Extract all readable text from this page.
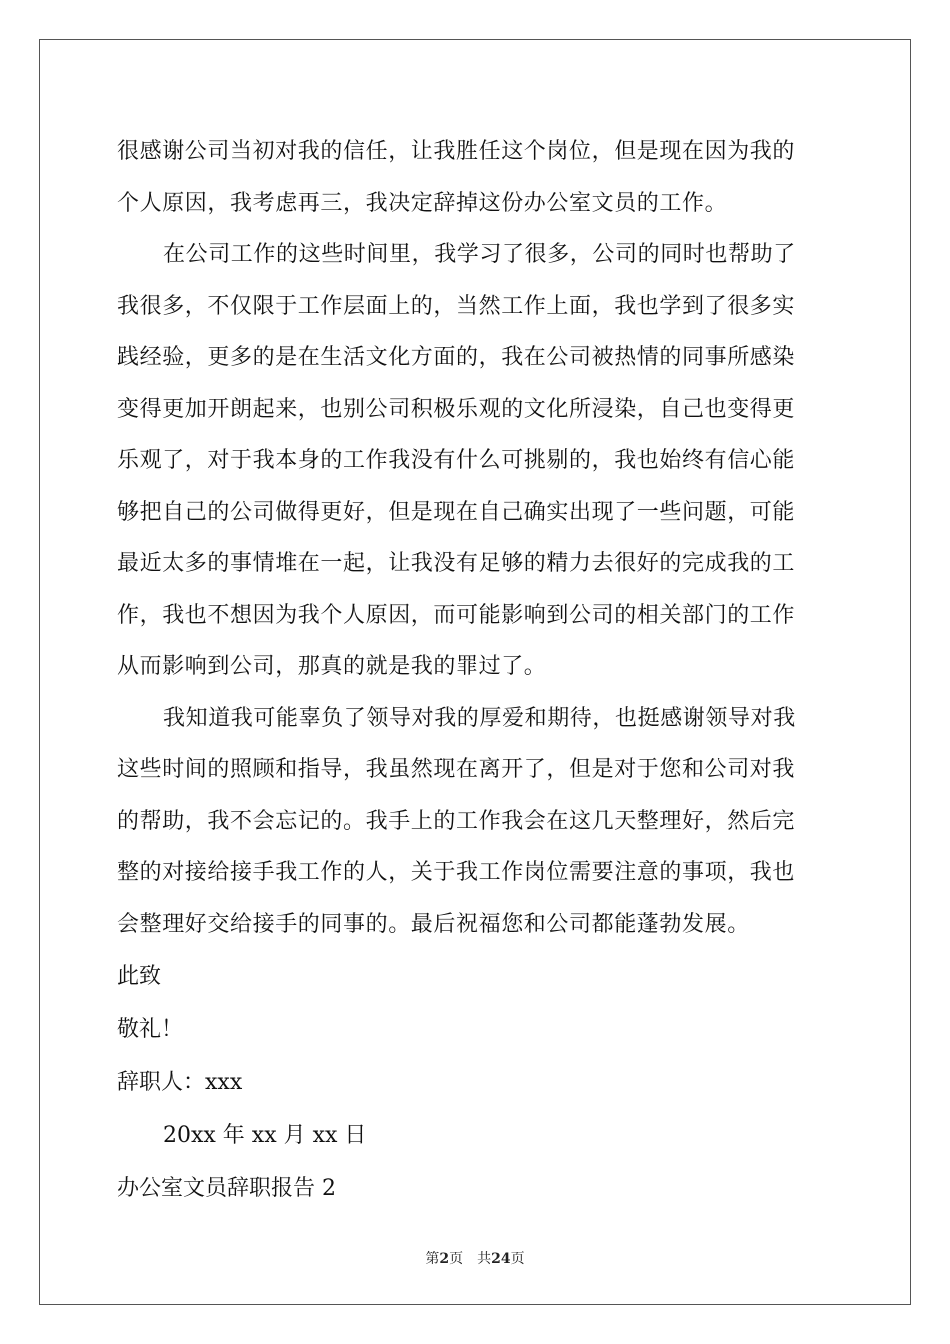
很感谢公司当初对我的信任，让我胜任这个岗位，但是现在因为我的
个人原因，我考虑再三，我决定辞掉这份办公室文员的工作。
在公司工作的这些时间里，我学习了很多，公司的同时也帮助了
我很多，不仅限于工作层面上的，当然工作上面，我也学到了很多实
践经验，更多的是在生活文化方面的，我在公司被热情的同事所感染
变得更加开朗起来，也别公司积极乐观的文化所浸染，自己也变得更
乐观了，对于我本身的工作我没有什么可挑剔的，我也始终有信心能
够把自己的公司做得更好，但是现在自己确实出现了一些问题，可能
最近太多的事情堆在一起，让我没有足够的精力去很好的完成我的工
作，我也不想因为我个人原因，而可能影响到公司的相关部门的工作
从而影响到公司，那真的就是我的罪过了。
我知道我可能辜负了领导对我的厚爱和期待，也挺感谢领导对我
这些时间的照顾和指导，我虽然现在离开了，但是对于您和公司对我
的帮助，我不会忘记的。我手上的工作我会在这几天整理好，然后完
整的对接给接手我工作的人，关于我工作岗位需要注意的事项，我也
会整理好交给接手的同事的。最后祝福您和公司都能蓬勃发展。
此致
敬礼！
辞职人：xxx
20xx 年 xx 月 xx 日
办公室文员辞职报告 2
第2页 共24页
